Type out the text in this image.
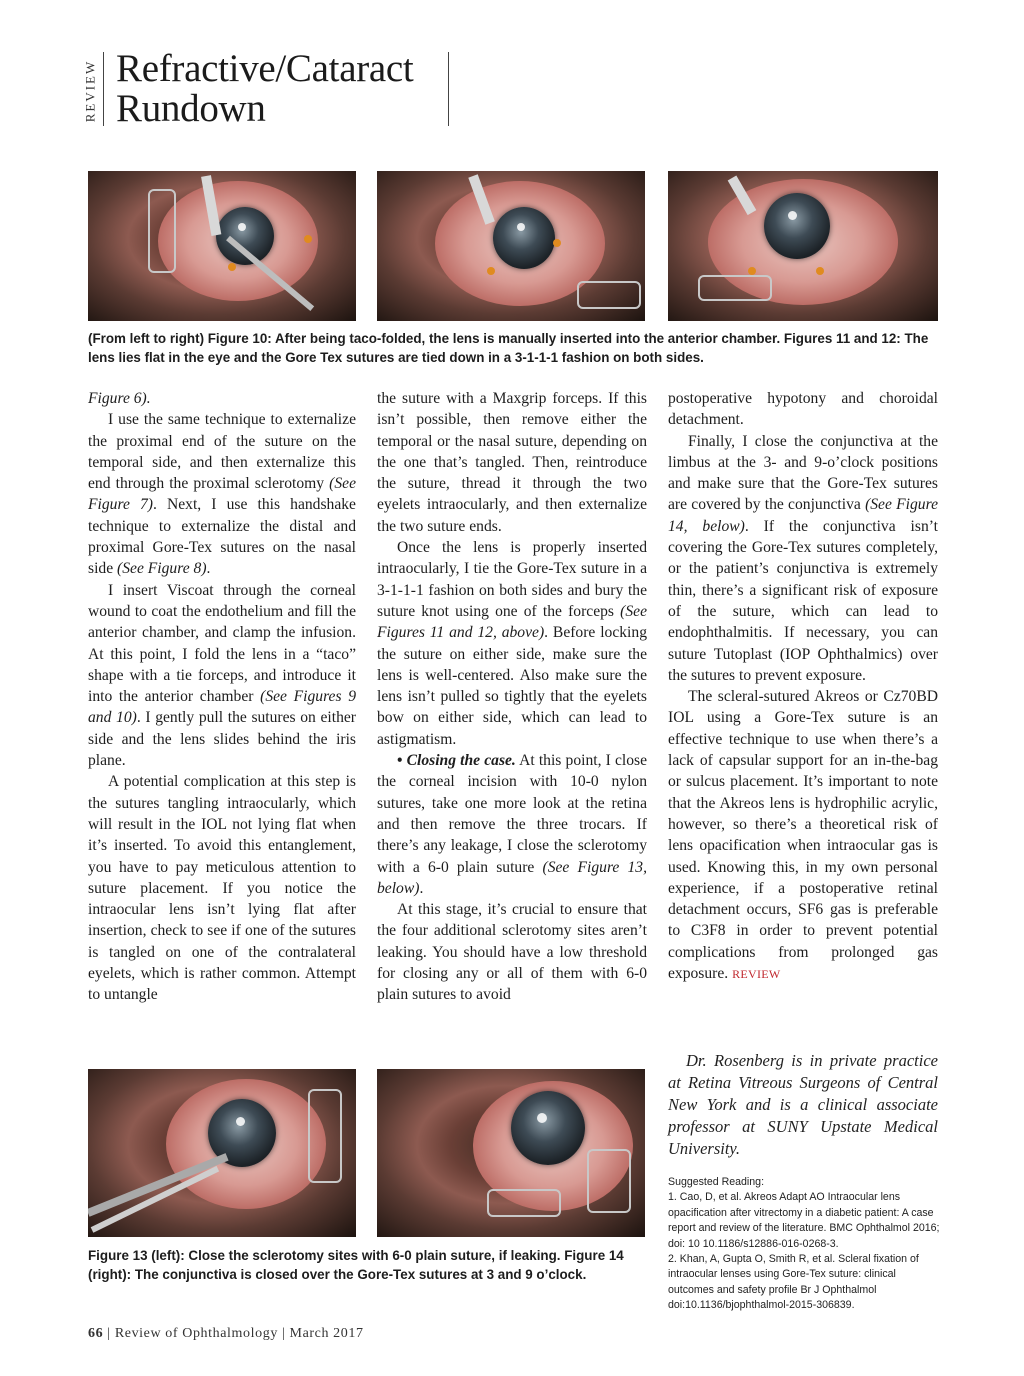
REVIEW Refractive/Cataract
Rundown
(From left to right) Figure 10: After being taco-folded, the lens is manually inserted into the anterior chamber. Figures 11 and 12: The lens lies flat in the eye and the Gore Tex sutures are tied down in a 3-1-1-1 fashion on both sides.

Figure 6).

I use the same technique to externalize the proximal end of the suture on the temporal side, and then externalize this end through the proximal sclerotomy (See Figure 7). Next, I use this handshake technique to externalize the distal and proximal Gore-Tex sutures on the nasal side (See Figure 8).

I insert Viscoat through the corneal wound to coat the endothelium and fill the anterior chamber, and clamp the infusion. At this point, I fold the lens in a “taco” shape with a tie forceps, and introduce it into the anterior chamber (See Figures 9 and 10). I gently pull the sutures on either side and the lens slides behind the iris plane.

A potential complication at this step is the sutures tangling intraocularly, which will result in the IOL not lying flat when it’s inserted. To avoid this entanglement, you have to pay meticulous attention to suture placement. If you notice the intraocular lens isn’t lying flat after insertion, check to see if one of the sutures is tangled on one of the contralateral eyelets, which is rather common. Attempt to untangle

the suture with a Maxgrip forceps. If this isn’t possible, then remove either the temporal or the nasal suture, depending on the one that’s tangled. Then, reintroduce the suture, thread it through the two eyelets intraocularly, and then externalize the two suture ends.

Once the lens is properly inserted intraocularly, I tie the Gore-Tex suture in a 3-1-1-1 fashion on both sides and bury the suture knot using one of the forceps (See Figures 11 and 12, above). Before locking the suture on either side, make sure the lens is well-centered. Also make sure the lens isn’t pulled so tightly that the eyelets bow on either side, which can lead to astigmatism.

• Closing the case. At this point, I close the corneal incision with 10-0 nylon sutures, take one more look at the retina and then remove the three trocars. If there’s any leakage, I close the sclerotomy with a 6-0 plain suture (See Figure 13, below).

At this stage, it’s crucial to ensure that the four additional sclerotomy sites aren’t leaking. You should have a low threshold for closing any or all of them with 6-0 plain sutures to avoid

postoperative hypotony and choroidal detachment.

Finally, I close the conjunctiva at the limbus at the 3- and 9-o’clock positions and make sure that the Gore-Tex sutures are covered by the conjunctiva (See Figure 14, below). If the conjunctiva isn’t covering the Gore-Tex sutures completely, or the patient’s conjunctiva is extremely thin, there’s a significant risk of exposure of the suture, which can lead to endophthalmitis. If necessary, you can suture Tutoplast (IOP Ophthalmics) over the sutures to prevent exposure.

The scleral-sutured Akreos or Cz70BD IOL using a Gore-Tex suture is an effective technique to use when there’s a lack of capsular support for an in-the-bag or sulcus placement. It’s important to note that the Akreos lens is hydrophilic acrylic, however, so there’s a theoretical risk of lens opacification when intraocular gas is used. Knowing this, in my own personal experience, if a postoperative retinal detachment occurs, SF6 gas is preferable to C3F8 in order to prevent potential complications from prolonged gas exposure. REVIEW

Dr. Rosenberg is in private practice at Retina Vitreous Surgeons of Central New York and is a clinical associate professor at SUNY Upstate Medical University.
Suggested Reading:
1. Cao, D, et al. Akreos Adapt AO Intraocular lens opacification after vitrectomy in a diabetic patient: A case report and review of the literature. BMC Ophthalmol 2016; doi: 10 10.1186/s12886-016-0268-3.
2. Khan, A, Gupta O, Smith R, et al. Scleral fixation of intraocular lenses using Gore-Tex suture: clinical outcomes and safety profile Br J Ophthalmol doi:10.1136/bjophthalmol-2015-306839.
Figure 13 (left): Close the sclerotomy sites with 6-0 plain suture, if leaking. Figure 14 (right): The conjunctiva is closed over the Gore-Tex sutures at 3 and 9 o’clock.
66 | Review of Ophthalmology | March 2017
